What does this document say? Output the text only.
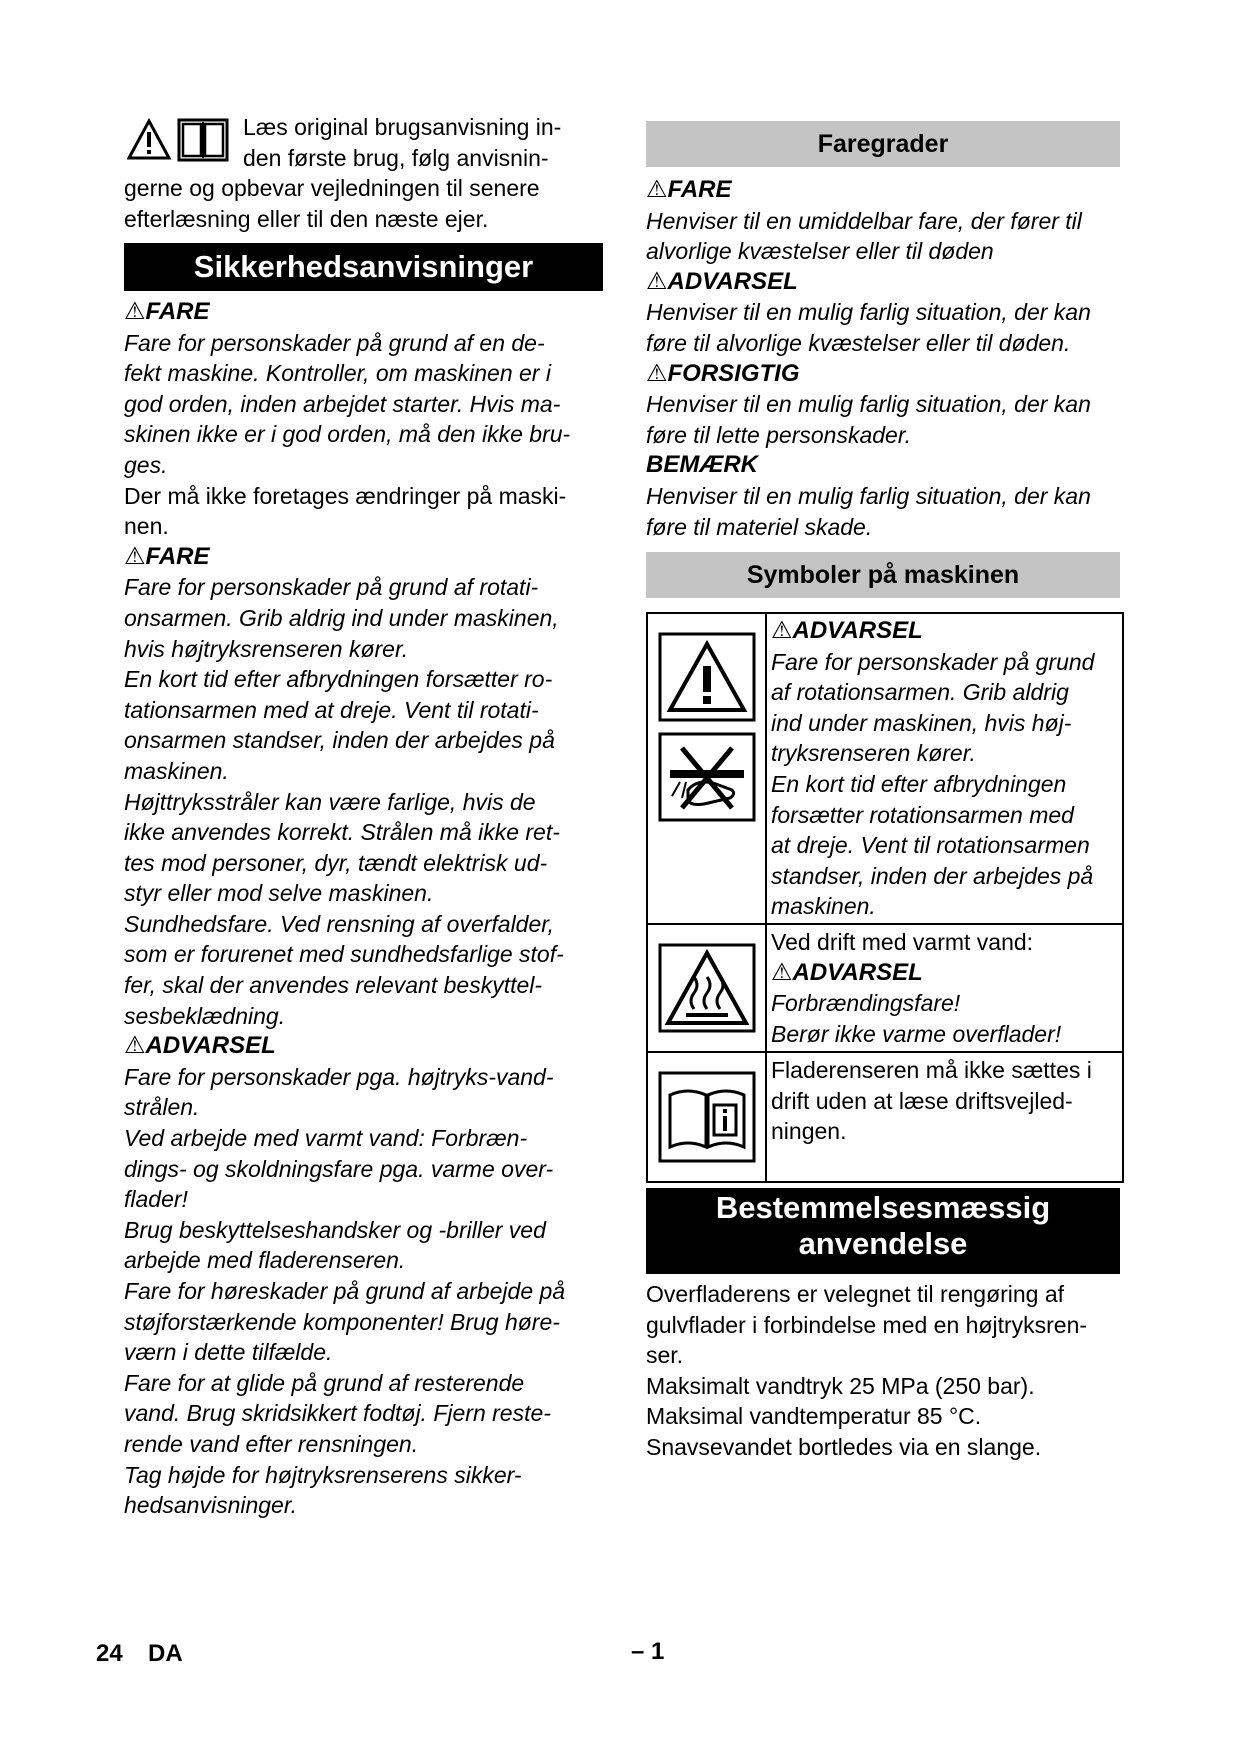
Læs original brugsanvisning in-

den første brug, følg anvisnin-

gerne og opbevar vejledningen til senere

efterlæsning eller til den næste ejer.

Sikkerhedsanvisninger
⚠FARE

Fare for personskader på grund af en de-

fekt maskine. Kontroller, om maskinen er i

god orden, inden arbejdet starter. Hvis ma-

skinen ikke er i god orden, må den ikke bru-

ges.

Der må ikke foretages ændringer på maski-

nen.

⚠FARE

Fare for personskader på grund af rotati-

onsarmen. Grib aldrig ind under maskinen,

hvis højtryksrenseren kører.

En kort tid efter afbrydningen forsætter ro-

tationsarmen med at dreje. Vent til rotati-

onsarmen standser, inden der arbejdes på

maskinen.

Højttryksstråler kan være farlige, hvis de

ikke anvendes korrekt. Strålen må ikke ret-

tes mod personer, dyr, tændt elektrisk ud-

styr eller mod selve maskinen.

Sundhedsfare. Ved rensning af overfalder,

som er forurenet med sundhedsfarlige stof-

fer, skal der anvendes relevant beskyttel-

sesbeklædning.

⚠ADVARSEL

Fare for personskader pga. højtryks-vand-

strålen.

Ved arbejde med varmt vand: Forbræn-

dings- og skoldningsfare pga. varme over-

flader!

Brug beskyttelseshandsker og -briller ved

arbejde med fladerenseren.

Fare for høreskader på grund af arbejde på

støjforstærkende komponenter! Brug høre-

værn i dette tilfælde.

Fare for at glide på grund af resterende

vand. Brug skridsikkert fodtøj. Fjern reste-

rende vand efter rensningen.

Tag højde for højtryksrenserens sikker-

hedsanvisninger.

Faregrader
⚠FARE

Henviser til en umiddelbar fare, der fører til

alvorlige kvæstelser eller til døden

⚠ADVARSEL

Henviser til en mulig farlig situation, der kan

føre til alvorlige kvæstelser eller til døden.

⚠FORSIGTIG

Henviser til en mulig farlig situation, der kan

føre til lette personskader.

BEMÆRK

Henviser til en mulig farlig situation, der kan

føre til materiel skade.

Symboler på maskinen
⚠ADVARSEL

Fare for personskader på grund

af rotationsarmen. Grib aldrig

ind under maskinen, hvis høj-

tryksrenseren kører.

En kort tid efter afbrydningen

forsætter rotationsarmen med

at dreje. Vent til rotationsarmen

standser, inden der arbejdes på

maskinen.

Ved drift med varmt vand:

⚠ADVARSEL

Forbrændingsfare!

Berør ikke varme overflader!

Fladerenseren må ikke sættes i

drift uden at læse driftsvejled-

ningen.

Bestemmelsesmæssig
anvendelse

Overfladerens er velegnet til rengøring af

gulvflader i forbindelse med en højtryksren-

ser.

Maksimalt vandtryk 25 MPa (250 bar).

Maksimal vandtemperatur 85 °C.

Snavsevandet bortledes via en slange.

24 DA	– 1
